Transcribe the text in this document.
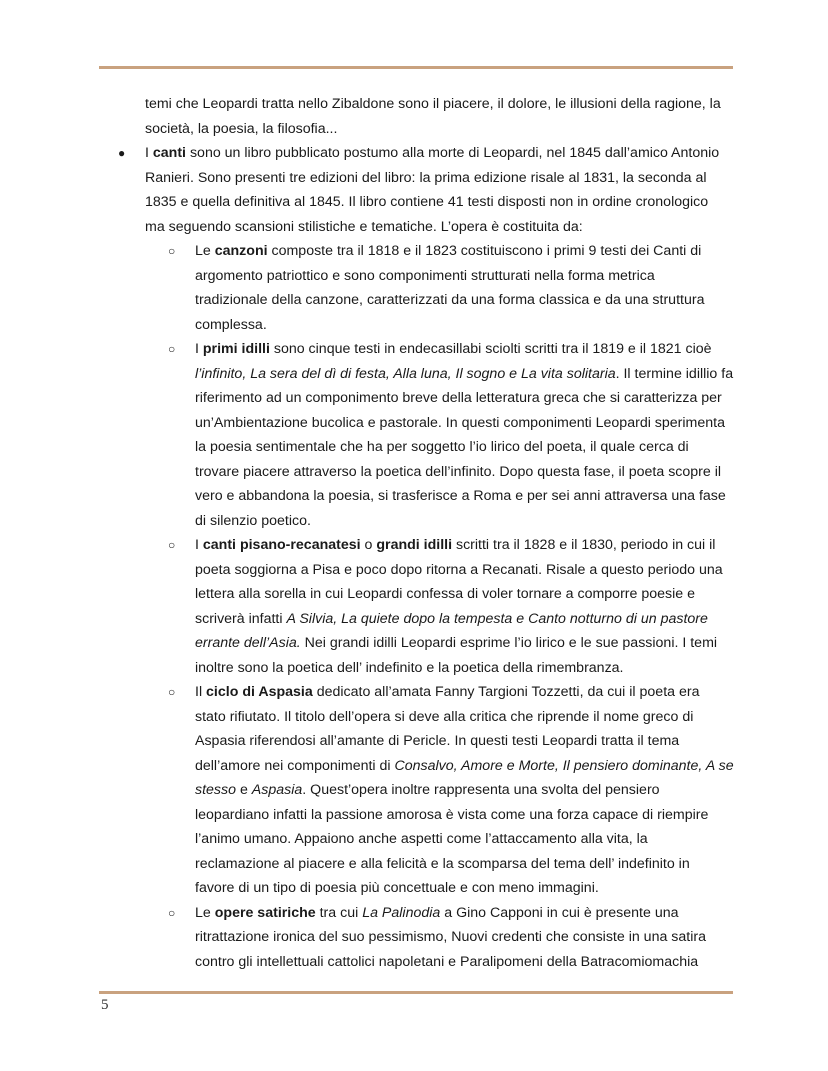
temi che Leopardi tratta nello Zibaldone sono il piacere, il dolore, le illusioni della ragione, la
società, la poesia, la filosofia...
● I canti sono un libro pubblicato postumo alla morte di Leopardi, nel 1845 dall’amico Antonio
Ranieri. Sono presenti tre edizioni del libro: la prima edizione risale al 1831, la seconda al
1835 e quella definitiva al 1845. Il libro contiene 41 testi disposti non in ordine cronologico
ma seguendo scansioni stilistiche e tematiche. L’opera è costituita da:
○ Le canzoni composte tra il 1818 e il 1823 costituiscono i primi 9 testi dei Canti di
argomento patriottico e sono componimenti strutturati nella forma metrica
tradizionale della canzone, caratterizzati da una forma classica e da una struttura
complessa.
○ I primi idilli sono cinque testi in endecasillabi sciolti scritti tra il 1819 e il 1821 cioè
l’infinito, La sera del dì di festa, Alla luna, Il sogno e La vita solitaria. Il termine idillio fa
riferimento ad un componimento breve della letteratura greca che si caratterizza per
un’Ambientazione bucolica e pastorale. In questi componimenti Leopardi sperimenta
la poesia sentimentale che ha per soggetto l’io lirico del poeta, il quale cerca di
trovare piacere attraverso la poetica dell’infinito. Dopo questa fase, il poeta scopre il
vero e abbandona la poesia, si trasferisce a Roma e per sei anni attraversa una fase
di silenzio poetico.
○ I canti pisano-recanatesi o grandi idilli scritti tra il 1828 e il 1830, periodo in cui il
poeta soggiorna a Pisa e poco dopo ritorna a Recanati. Risale a questo periodo una
lettera alla sorella in cui Leopardi confessa di voler tornare a comporre poesie e
scriverà infatti A Silvia, La quiete dopo la tempesta e Canto notturno di un pastore
errante dell’Asia. Nei grandi idilli Leopardi esprime l’io lirico e le sue passioni. I temi
inoltre sono la poetica dell’ indefinito e la poetica della rimembranza.
○ Il ciclo di Aspasia dedicato all’amata Fanny Targioni Tozzetti, da cui il poeta era
stato rifiutato. Il titolo dell’opera si deve alla critica che riprende il nome greco di
Aspasia riferendosi all’amante di Pericle. In questi testi Leopardi tratta il tema
dell’amore nei componimenti di Consalvo, Amore e Morte, Il pensiero dominante, A se
stesso e Aspasia. Quest’opera inoltre rappresenta una svolta del pensiero
leopardiano infatti la passione amorosa è vista come una forza capace di riempire
l’animo umano. Appaiono anche aspetti come l’attaccamento alla vita, la
reclamazione al piacere e alla felicità e la scomparsa del tema dell’ indefinito in
favore di un tipo di poesia più concettuale e con meno immagini.
○ Le opere satiriche tra cui La Palinodia a Gino Capponi in cui è presente una
ritrattazione ironica del suo pessimismo, Nuovi credenti che consiste in una satira
contro gli intellettuali cattolici napoletani e Paralipomeni della Batracomiomachia
5
